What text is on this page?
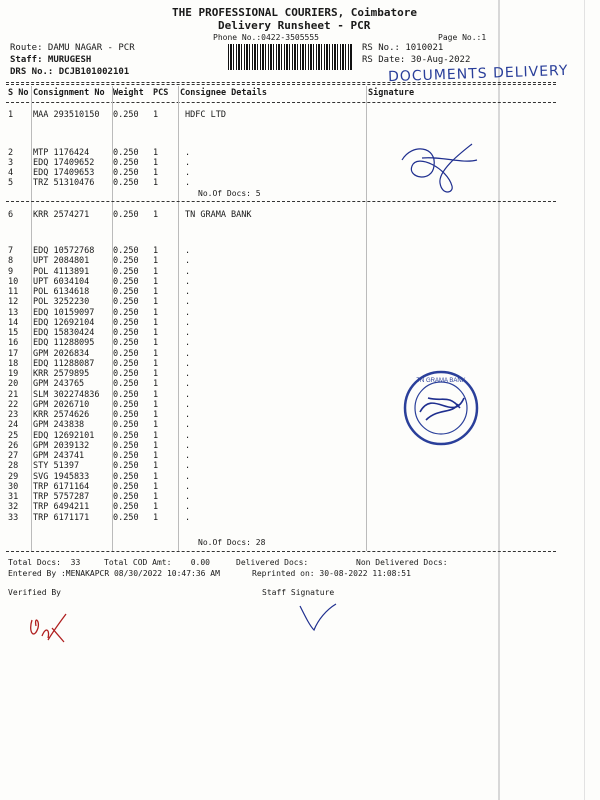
THE PROFESSIONAL COURIERS, Coimbatore
Delivery Runsheet - PCR
Phone No.:0422-3505555	Page No.:1
Route: DAMU NAGAR - PCR
Staff: MURUGESH
DRS No.: DCJB101002101
RS No.: 1010021
RS Date: 30-Aug-2022
DOCUMENTS DELIVERY
S No Consignment No Weight PCS Consignee Details	Signature
1 MAA 293510150 0.250 1	HDFC LTD
2 MTP 1176424	0.250 1	.
3 EDQ 17409652 0.250 1	.
4 EDQ 17409653 0.250 1	.
5 TRZ 51310476 0.250 1	.
No.Of Docs: 5
6 KRR 2574271	0.250 1	TN GRAMA BANK
7 EDQ 10572768 0.250 1	.
8 UPT 2084801	0.250 1	.
9 POL 4113891	0.250 1	.
10 UPT 6034104	0.250 1	.
11 POL 6134618	0.250 1	.
12 POL 3252230	0.250 1	.
13 EDQ 10159097 0.250 1	.
14 EDQ 12692104 0.250 1	.
15 EDQ 15830424 0.250 1	.
16 EDQ 11288095 0.250 1	.
17 GPM 2026834	0.250 1	.
18 EDQ 11288087 0.250 1	.
19 KRR 2579895	0.250 1	.
20 GPM 243765	0.250 1	.
21 SLM 302274836 0.250 1	.
22 GPM 2026710	0.250 1	.
23 KRR 2574626	0.250 1	.
24 GPM 243838	0.250 1	.
25 EDQ 12692101 0.250 1	.
26 GPM 2039132	0.250 1	.
27 GPM 243741	0.250 1	.
28 STY 51397	0.250 1	.
29 SVG 1945833	0.250 1	.
30 TRP 6171164	0.250 1	.
31 TRP 5757287	0.250 1	.
32 TRP 6494211	0.250 1	.
33 TRP 6171171	0.250 1	.
No.Of Docs: 28
TN GRAMA BANK
Total Docs: 33	Total COD Amt: 0.00	Delivered Docs:	Non Delivered Docs:
Entered By :MENAKAPCR 08/30/2022 10:47:36 AM	Reprinted on: 30-08-2022 11:08:51
Verified By	Staff Signature
